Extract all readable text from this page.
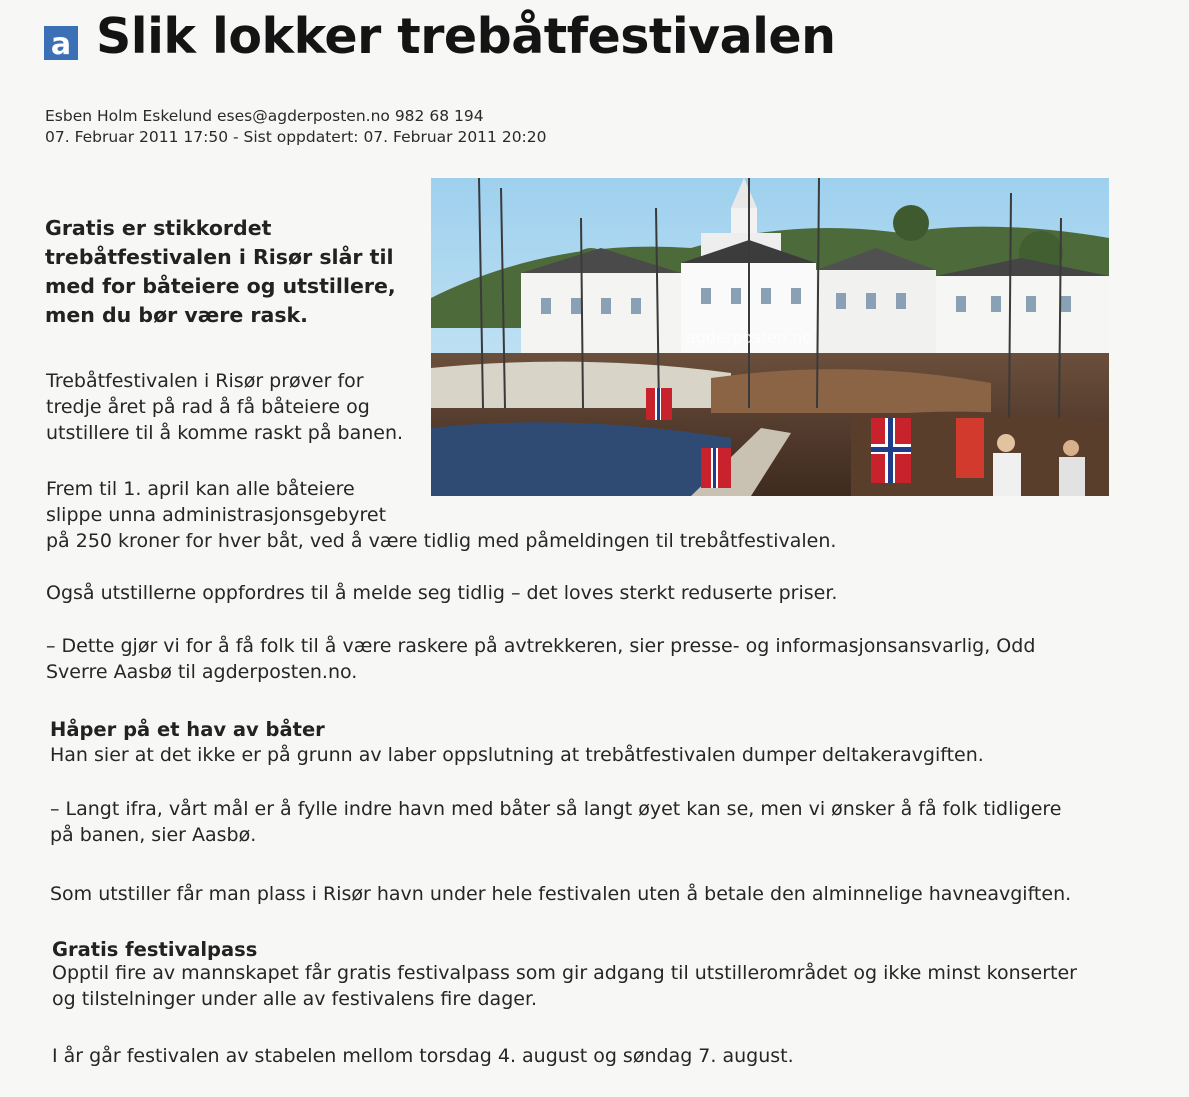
a Slik lokker trebåtfestivalen
Esben Holm Eskelund eses@agderposten.no 982 68 194
07. Februar 2011 17:50 - Sist oppdatert: 07. Februar 2011 20:20
agderposten.no
Gratis er stikkordet trebåtfestivalen i Risør slår til med for båteiere og utstillere, men du bør være rask.
Trebåtfestivalen i Risør prøver for
tredje året på rad å få båteiere og
utstillere til å komme raskt på banen.
Frem til 1. april kan alle båteiere
slippe unna administrasjonsgebyret
på 250 kroner for hver båt, ved å være tidlig med påmeldingen til trebåtfestivalen.
Også utstillerne oppfordres til å melde seg tidlig – det loves sterkt reduserte priser.
– Dette gjør vi for å få folk til å være raskere på avtrekkeren, sier presse- og informasjonsansvarlig, Odd
Sverre Aasbø til agderposten.no.
Håper på et hav av båter
Han sier at det ikke er på grunn av laber oppslutning at trebåtfestivalen dumper deltakeravgiften.
– Langt ifra, vårt mål er å fylle indre havn med båter så langt øyet kan se, men vi ønsker å få folk tidligere
på banen, sier Aasbø.
Som utstiller får man plass i Risør havn under hele festivalen uten å betale den alminnelige havneavgiften.
Gratis festivalpass
Opptil fire av mannskapet får gratis festivalpass som gir adgang til utstillerområdet og ikke minst konserter
og tilstelninger under alle av festivalens fire dager.
I år går festivalen av stabelen mellom torsdag 4. august og søndag 7. august.
